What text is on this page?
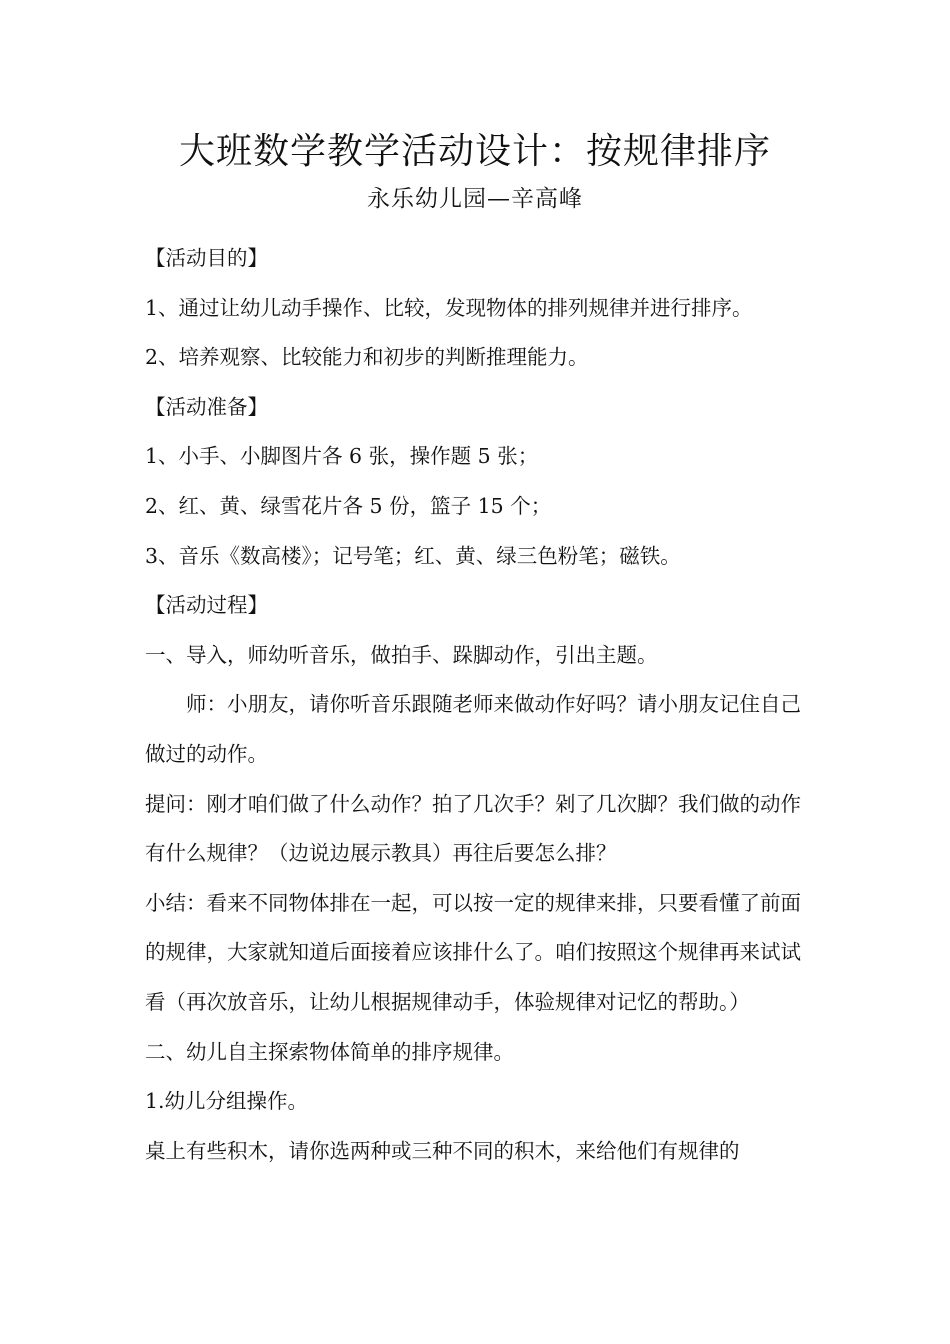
大班数学教学活动设计：按规律排序
永乐幼儿园—辛高峰

【活动目的】

1、通过让幼儿动手操作、比较，发现物体的排列规律并进行排序。

2、培养观察、比较能力和初步的判断推理能力。

【活动准备】

1、小手、小脚图片各 6 张，操作题 5 张；

2、红、黄、绿雪花片各 5 份，篮子 15 个；

3、音乐《数高楼》；记号笔；红、黄、绿三色粉笔；磁铁。

【活动过程】

一、导入，师幼听音乐，做拍手、跺脚动作，引出主题。

师：小朋友，请你听音乐跟随老师来做动作好吗？请小朋友记住自己做过的动作。

提问：刚才咱们做了什么动作？拍了几次手？剁了几次脚？我们做的动作有什么规律？（边说边展示教具）再往后要怎么排？

小结：看来不同物体排在一起，可以按一定的规律来排，只要看懂了前面的规律，大家就知道后面接着应该排什么了。咱们按照这个规律再来试试看（再次放音乐，让幼儿根据规律动手，体验规律对记忆的帮助。）

二、幼儿自主探索物体简单的排序规律。

1.幼儿分组操作。

桌上有些积木，请你选两种或三种不同的积木，来给他们有规律的
